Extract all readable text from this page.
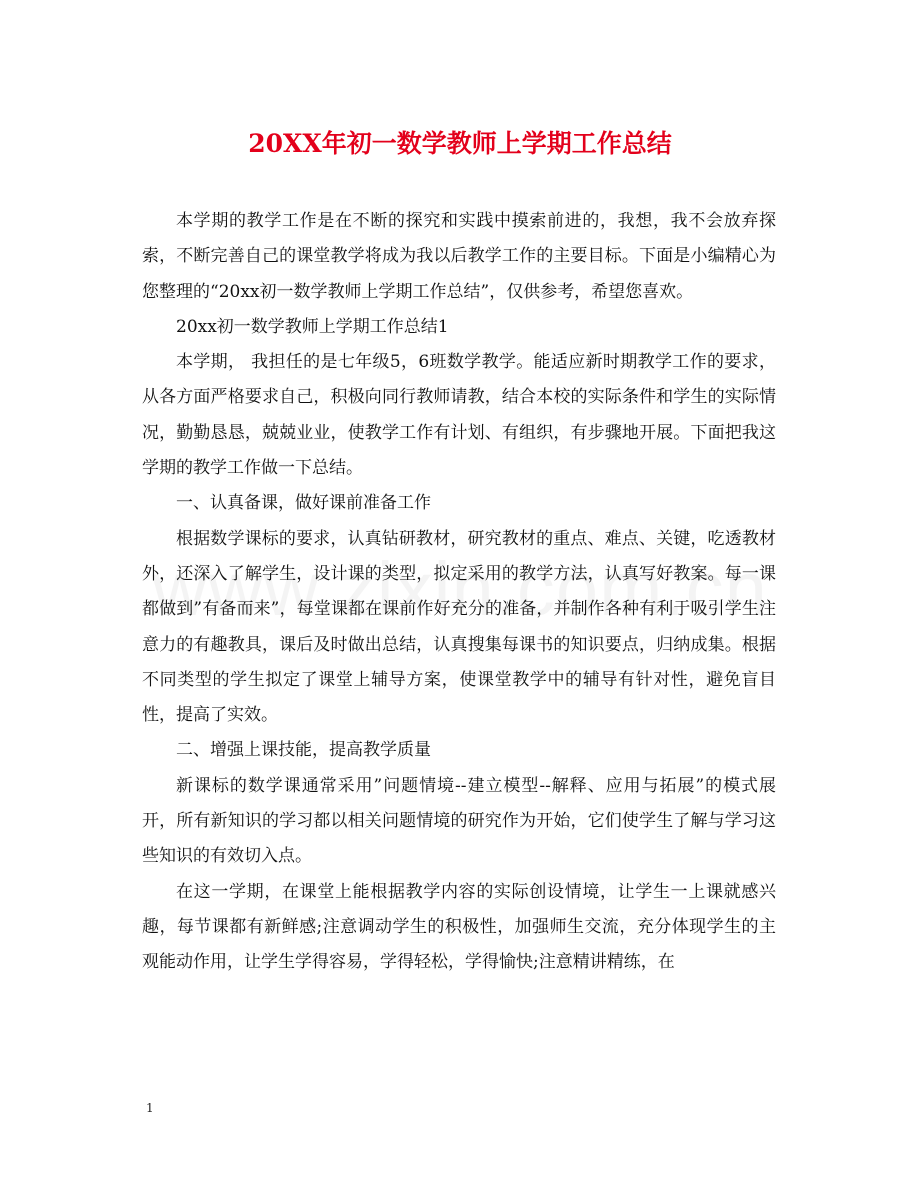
20XX年初一数学教师上学期工作总结

本学期的教学工作是在不断的探究和实践中摸索前进的，我想，我不会放弃探索，不断完善自己的课堂教学将成为我以后教学工作的主要目标。下面是小编精心为您整理的“20xx初一数学教师上学期工作总结”，仅供参考，希望您喜欢。

20xx初一数学教师上学期工作总结1

本学期， 我担任的是七年级5，6班数学教学。能适应新时期教学工作的要求，从各方面严格要求自己，积极向同行教师请教，结合本校的实际条件和学生的实际情况，勤勤恳恳，兢兢业业，使教学工作有计划、有组织，有步骤地开展。下面把我这学期的教学工作做一下总结。

一、认真备课，做好课前准备工作

根据数学课标的要求，认真钻研教材，研究教材的重点、难点、关键，吃透教材外，还深入了解学生，设计课的类型，拟定采用的教学方法，认真写好教案。每一课都做到”有备而来”，每堂课都在课前作好充分的准备，并制作各种有利于吸引学生注意力的有趣教具，课后及时做出总结，认真搜集每课书的知识要点，归纳成集。根据不同类型的学生拟定了课堂上辅导方案，使课堂教学中的辅导有针对性，避免盲目性，提高了实效。

二、增强上课技能，提高教学质量

新课标的数学课通常采用”问题情境--建立模型--解释、应用与拓展”的模式展开，所有新知识的学习都以相关问题情境的研究作为开始，它们使学生了解与学习这些知识的有效切入点。

在这一学期，在课堂上能根据教学内容的实际创设情境，让学生一上课就感兴趣，每节课都有新鲜感;注意调动学生的积极性，加强师生交流，充分体现学生的主观能动作用，让学生学得容易，学得轻松，学得愉快;注意精讲精练，在

1
